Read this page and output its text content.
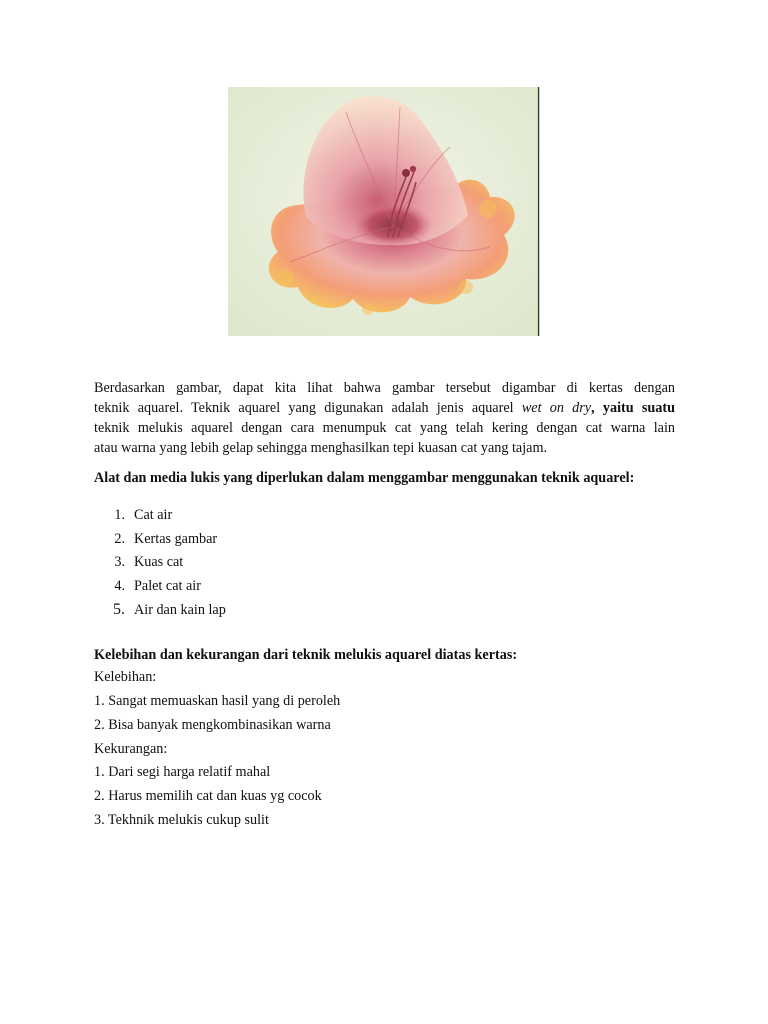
Berdasarkan gambar, dapat kita lihat bahwa gambar tersebut digambar di kertas dengan
teknik aquarel. Teknik aquarel yang digunakan adalah jenis aquarel wet on dry, yaitu suatu
teknik melukis aquarel dengan cara menumpuk cat yang telah kering dengan cat warna lain
atau warna yang lebih gelap sehingga menghasilkan tepi kuasan cat yang tajam.

Alat dan media lukis yang diperlukan dalam menggambar menggunakan teknik aquarel:

1. Cat air
2. Kertas gambar
3. Kuas cat
4. Palet cat air
5. Air dan kain lap

Kelebihan dan kekurangan dari teknik melukis aquarel diatas kertas:

Kelebihan:
1. Sangat memuaskan hasil yang di peroleh
2. Bisa banyak mengkombinasikan warna
Kekurangan:
1. Dari segi harga relatif mahal
2. Harus memilih cat dan kuas yg cocok
3. Tekhnik melukis cukup sulit
